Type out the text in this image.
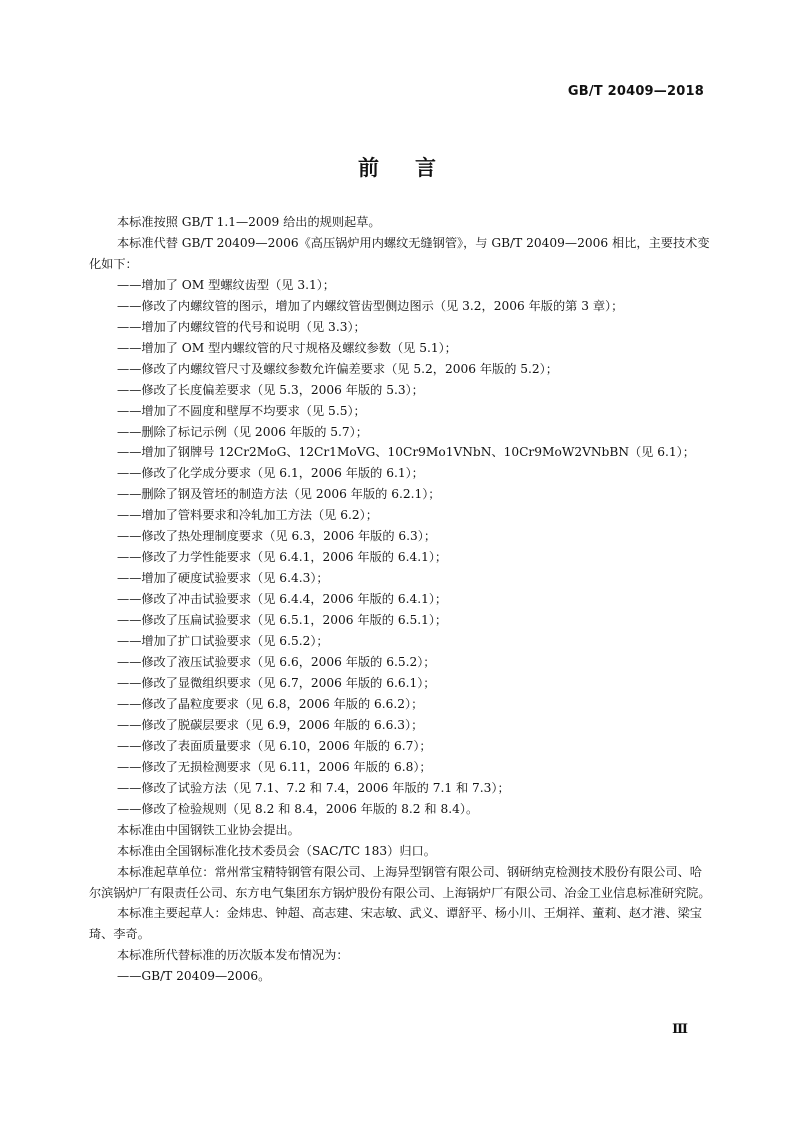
GB/T 20409—2018
前言

本标准按照 GB/T 1.1—2009 给出的规则起草。

本标准代替 GB/T 20409—2006《高压锅炉用内螺纹无缝钢管》，与 GB/T 20409—2006 相比，主要技术变化如下：

——增加了 OM 型螺纹齿型（见 3.1）；

——修改了内螺纹管的图示，增加了内螺纹管齿型侧边图示（见 3.2，2006 年版的第 3 章）；

——增加了内螺纹管的代号和说明（见 3.3）；

——增加了 OM 型内螺纹管的尺寸规格及螺纹参数（见 5.1）；

——修改了内螺纹管尺寸及螺纹参数允许偏差要求（见 5.2，2006 年版的 5.2）；

——修改了长度偏差要求（见 5.3，2006 年版的 5.3）；

——增加了不圆度和壁厚不均要求（见 5.5）；

——删除了标记示例（见 2006 年版的 5.7）；

——增加了钢牌号 12Cr2MoG、12Cr1MoVG、10Cr9Mo1VNbN、10Cr9MoW2VNbBN（见 6.1）；

——修改了化学成分要求（见 6.1，2006 年版的 6.1）；

——删除了钢及管坯的制造方法（见 2006 年版的 6.2.1）；

——增加了管料要求和冷轧加工方法（见 6.2）；

——修改了热处理制度要求（见 6.3，2006 年版的 6.3）；

——修改了力学性能要求（见 6.4.1，2006 年版的 6.4.1）；

——增加了硬度试验要求（见 6.4.3）；

——修改了冲击试验要求（见 6.4.4，2006 年版的 6.4.1）；

——修改了压扁试验要求（见 6.5.1，2006 年版的 6.5.1）；

——增加了扩口试验要求（见 6.5.2）；

——修改了液压试验要求（见 6.6，2006 年版的 6.5.2）；

——修改了显微组织要求（见 6.7，2006 年版的 6.6.1）；

——修改了晶粒度要求（见 6.8，2006 年版的 6.6.2）；

——修改了脱碳层要求（见 6.9，2006 年版的 6.6.3）；

——修改了表面质量要求（见 6.10，2006 年版的 6.7）；

——修改了无损检测要求（见 6.11，2006 年版的 6.8）；

——修改了试验方法（见 7.1、7.2 和 7.4，2006 年版的 7.1 和 7.3）；

——修改了检验规则（见 8.2 和 8.4，2006 年版的 8.2 和 8.4）。

本标准由中国钢铁工业协会提出。

本标准由全国钢标准化技术委员会（SAC/TC 183）归口。

本标准起草单位：常州常宝精特钢管有限公司、上海异型钢管有限公司、钢研纳克检测技术股份有限公司、哈尔滨锅炉厂有限责任公司、东方电气集团东方锅炉股份有限公司、上海锅炉厂有限公司、冶金工业信息标准研究院。

本标准主要起草人：金炜忠、钟超、高志建、宋志敏、武义、谭舒平、杨小川、王炯祥、董莉、赵才港、梁宝琦、李奇。

本标准所代替标准的历次版本发布情况为：

——GB/T 20409—2006。

Ⅲ
